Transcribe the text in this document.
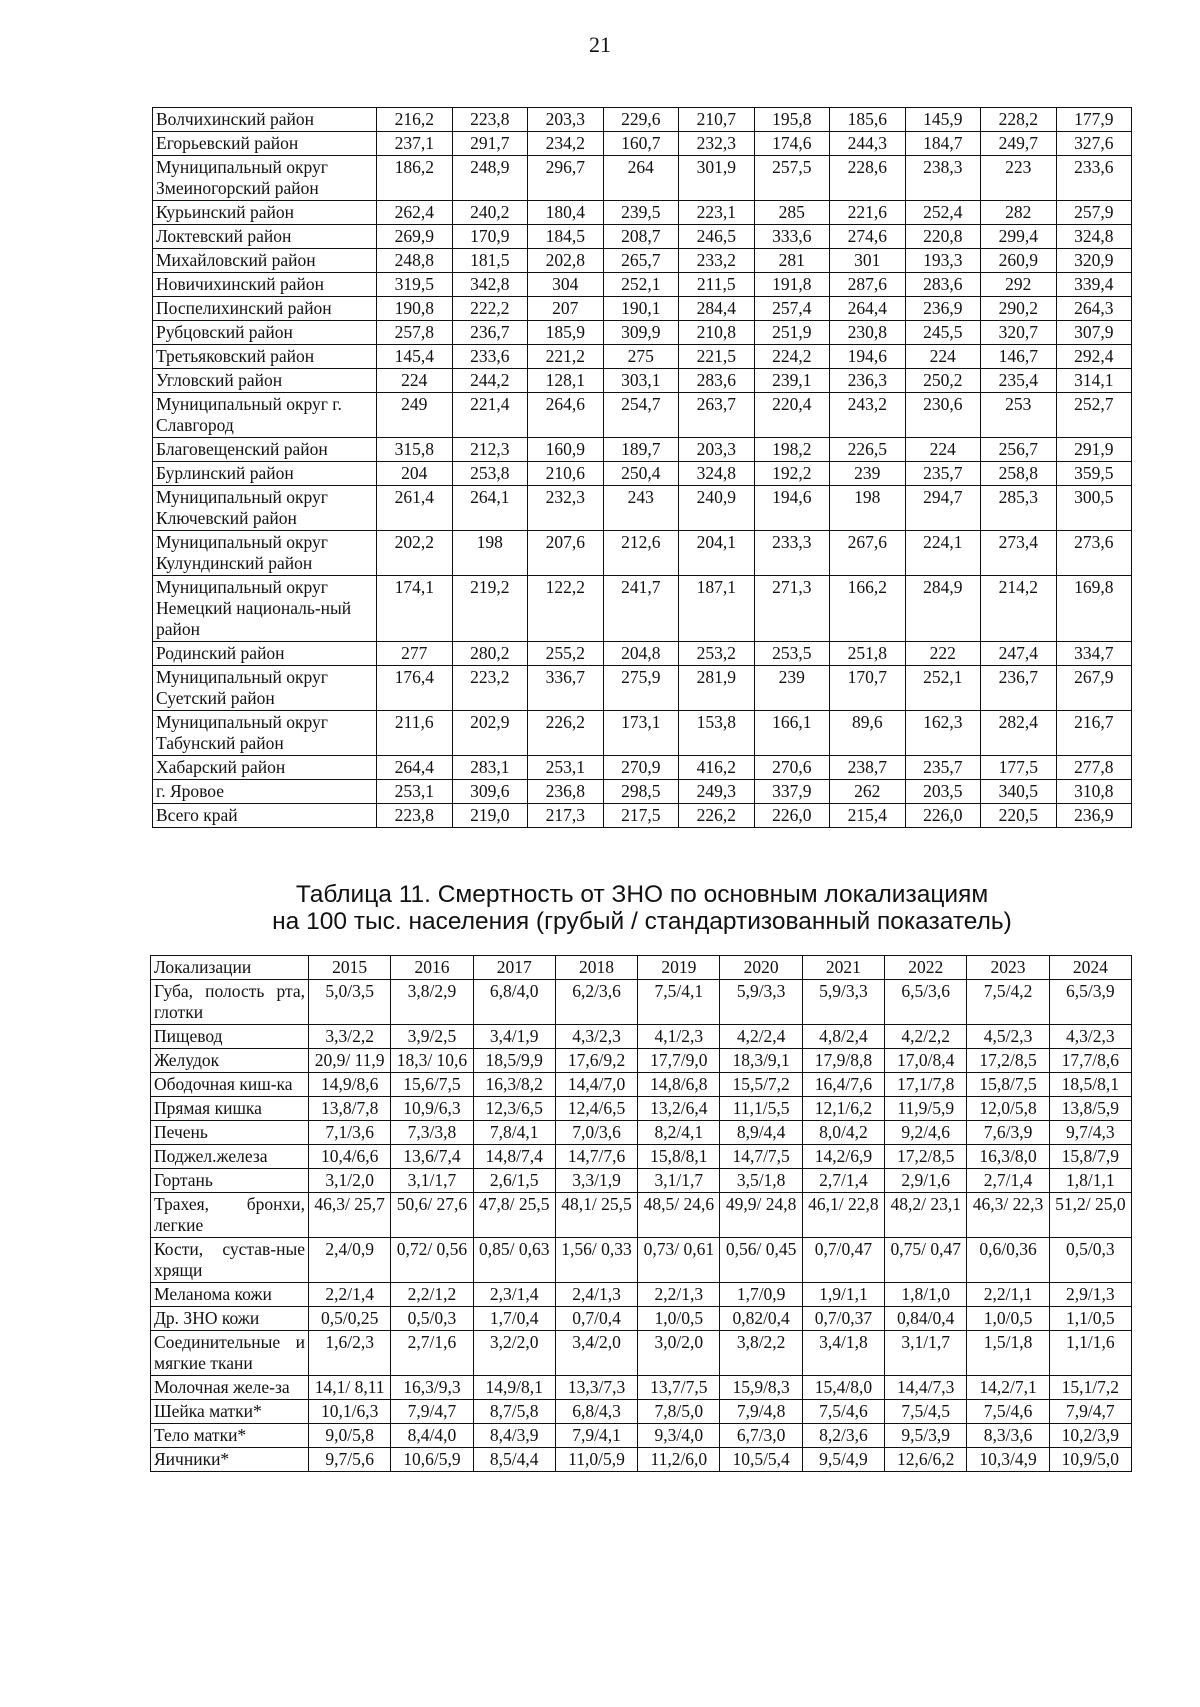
21
Волчихинский район	216,2	223,8	203,3	229,6	210,7	195,8	185,6	145,9	228,2	177,9
Егорьевский район	237,1	291,7	234,2	160,7	232,3	174,6	244,3	184,7	249,7	327,6
Муниципальный округ Змеиногорский район	186,2	248,9	296,7	264	301,9	257,5	228,6	238,3	223	233,6
Курьинский район	262,4	240,2	180,4	239,5	223,1	285	221,6	252,4	282	257,9
Локтевский район	269,9	170,9	184,5	208,7	246,5	333,6	274,6	220,8	299,4	324,8
Михайловский район	248,8	181,5	202,8	265,7	233,2	281	301	193,3	260,9	320,9
Новичихинский район	319,5	342,8	304	252,1	211,5	191,8	287,6	283,6	292	339,4
Поспелихинский район	190,8	222,2	207	190,1	284,4	257,4	264,4	236,9	290,2	264,3
Рубцовский район	257,8	236,7	185,9	309,9	210,8	251,9	230,8	245,5	320,7	307,9
Третьяковский район	145,4	233,6	221,2	275	221,5	224,2	194,6	224	146,7	292,4
Угловский район	224	244,2	128,1	303,1	283,6	239,1	236,3	250,2	235,4	314,1
Муниципальный округ г. Славгород	249	221,4	264,6	254,7	263,7	220,4	243,2	230,6	253	252,7
Благовещенский район	315,8	212,3	160,9	189,7	203,3	198,2	226,5	224	256,7	291,9
Бурлинский район	204	253,8	210,6	250,4	324,8	192,2	239	235,7	258,8	359,5
Муниципальный округ Ключевский район	261,4	264,1	232,3	243	240,9	194,6	198	294,7	285,3	300,5
Муниципальный округ Кулундинский район	202,2	198	207,6	212,6	204,1	233,3	267,6	224,1	273,4	273,6
Муниципальный округ Немецкий националь-ный район	174,1	219,2	122,2	241,7	187,1	271,3	166,2	284,9	214,2	169,8
Родинский район	277	280,2	255,2	204,8	253,2	253,5	251,8	222	247,4	334,7
Муниципальный округ Суетский район	176,4	223,2	336,7	275,9	281,9	239	170,7	252,1	236,7	267,9
Муниципальный округ Табунский район	211,6	202,9	226,2	173,1	153,8	166,1	89,6	162,3	282,4	216,7
Хабарский район	264,4	283,1	253,1	270,9	416,2	270,6	238,7	235,7	177,5	277,8
г. Яровое	253,1	309,6	236,8	298,5	249,3	337,9	262	203,5	340,5	310,8
Всего край	223,8	219,0	217,3	217,5	226,2	226,0	215,4	226,0	220,5	236,9
Таблица 11. Смертность от ЗНО по основным локализациям
на 100 тыс. населения (грубый / стандартизованный показатель)
Локализации	2015	2016	2017	2018	2019	2020	2021	2022	2023	2024
Губа, полость рта, глотки	5,0/3,5	3,8/2,9	6,8/4,0	6,2/3,6	7,5/4,1	5,9/3,3	5,9/3,3	6,5/3,6	7,5/4,2	6,5/3,9
Пищевод	3,3/2,2	3,9/2,5	3,4/1,9	4,3/2,3	4,1/2,3	4,2/2,4	4,8/2,4	4,2/2,2	4,5/2,3	4,3/2,3
Желудок	20,9/ 11,9	18,3/ 10,6	18,5/9,9	17,6/9,2	17,7/9,0	18,3/9,1	17,9/8,8	17,0/8,4	17,2/8,5	17,7/8,6
Ободочная киш-ка	14,9/8,6	15,6/7,5	16,3/8,2	14,4/7,0	14,8/6,8	15,5/7,2	16,4/7,6	17,1/7,8	15,8/7,5	18,5/8,1
Прямая кишка	13,8/7,8	10,9/6,3	12,3/6,5	12,4/6,5	13,2/6,4	11,1/5,5	12,1/6,2	11,9/5,9	12,0/5,8	13,8/5,9
Печень	7,1/3,6	7,3/3,8	7,8/4,1	7,0/3,6	8,2/4,1	8,9/4,4	8,0/4,2	9,2/4,6	7,6/3,9	9,7/4,3
Поджел.железа	10,4/6,6	13,6/7,4	14,8/7,4	14,7/7,6	15,8/8,1	14,7/7,5	14,2/6,9	17,2/8,5	16,3/8,0	15,8/7,9
Гортань	3,1/2,0	3,1/1,7	2,6/1,5	3,3/1,9	3,1/1,7	3,5/1,8	2,7/1,4	2,9/1,6	2,7/1,4	1,8/1,1
Трахея, бронхи, легкие	46,3/ 25,7	50,6/ 27,6	47,8/ 25,5	48,1/ 25,5	48,5/ 24,6	49,9/ 24,8	46,1/ 22,8	48,2/ 23,1	46,3/ 22,3	51,2/ 25,0
Кости, сустав-ные хрящи	2,4/0,9	0,72/ 0,56	0,85/ 0,63	1,56/ 0,33	0,73/ 0,61	0,56/ 0,45	0,7/0,47	0,75/ 0,47	0,6/0,36	0,5/0,3
Меланома кожи	2,2/1,4	2,2/1,2	2,3/1,4	2,4/1,3	2,2/1,3	1,7/0,9	1,9/1,1	1,8/1,0	2,2/1,1	2,9/1,3
Др. ЗНО кожи	0,5/0,25	0,5/0,3	1,7/0,4	0,7/0,4	1,0/0,5	0,82/0,4	0,7/0,37	0,84/0,4	1,0/0,5	1,1/0,5
Соединительные и мягкие ткани	1,6/2,3	2,7/1,6	3,2/2,0	3,4/2,0	3,0/2,0	3,8/2,2	3,4/1,8	3,1/1,7	1,5/1,8	1,1/1,6
Молочная желе-за	14,1/ 8,11	16,3/9,3	14,9/8,1	13,3/7,3	13,7/7,5	15,9/8,3	15,4/8,0	14,4/7,3	14,2/7,1	15,1/7,2
Шейка матки*	10,1/6,3	7,9/4,7	8,7/5,8	6,8/4,3	7,8/5,0	7,9/4,8	7,5/4,6	7,5/4,5	7,5/4,6	7,9/4,7
Тело матки*	9,0/5,8	8,4/4,0	8,4/3,9	7,9/4,1	9,3/4,0	6,7/3,0	8,2/3,6	9,5/3,9	8,3/3,6	10,2/3,9
Яичники*	9,7/5,6	10,6/5,9	8,5/4,4	11,0/5,9	11,2/6,0	10,5/5,4	9,5/4,9	12,6/6,2	10,3/4,9	10,9/5,0
